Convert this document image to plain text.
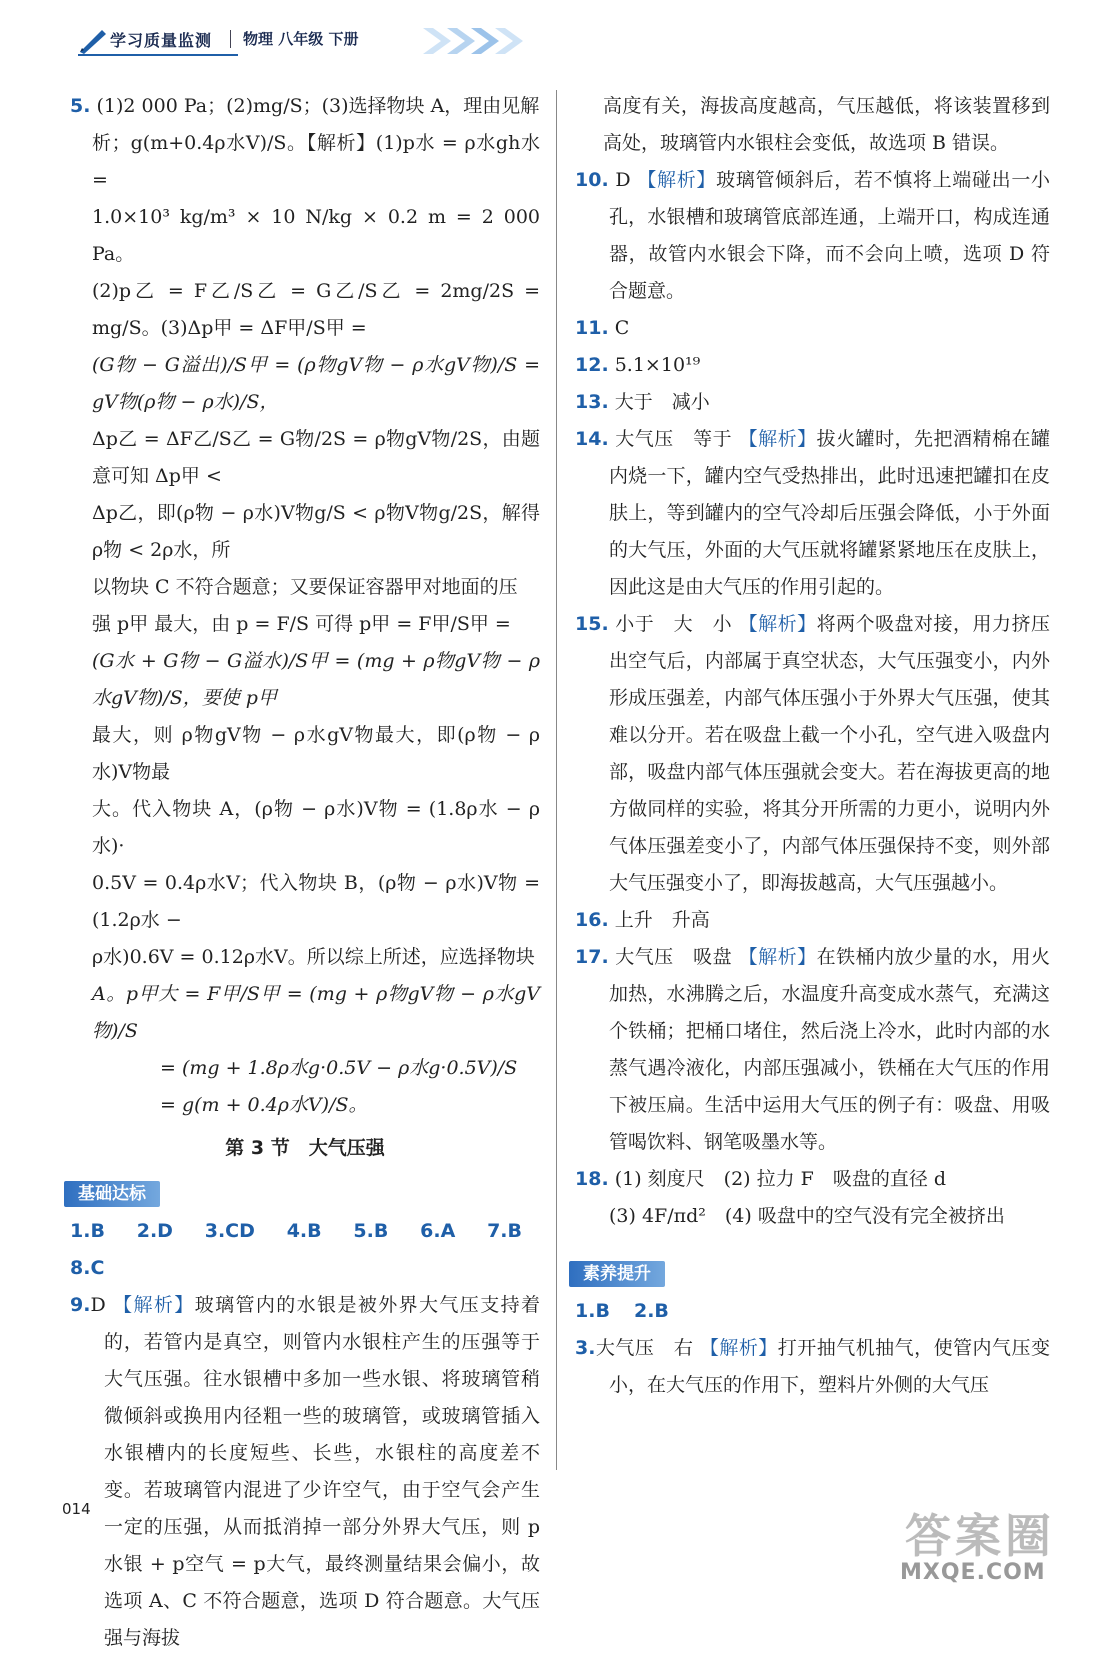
学习质量监测 物理 八年级 下册

5. (1)2 000 Pa；(2)mg/S；(3)选择物块 A，理由见解

析；g(m+0.4ρ水V)/S。【解析】(1)p水 = ρ水gh水 =

1.0×10³ kg/m³ × 10 N/kg × 0.2 m = 2 000 Pa。

(2)p乙 = F乙/S乙 = G乙/S乙 = 2mg/2S = mg/S。(3)Δp甲 = ΔF甲/S甲 =

(G物 − G溢出)/S甲 = (ρ物gV物 − ρ水gV物)/S = gV物(ρ物 − ρ水)/S，

Δp乙 = ΔF乙/S乙 = G物/2S = ρ物gV物/2S，由题意可知 Δp甲 <

Δp乙，即(ρ物 − ρ水)V物g/S < ρ物V物g/2S，解得 ρ物 < 2ρ水，所

以物块 C 不符合题意；又要保证容器甲对地面的压

强 p甲 最大，由 p = F/S 可得 p甲 = F甲/S甲 =

(G水 + G物 − G溢水)/S甲 = (mg + ρ物gV物 − ρ水gV物)/S，要使 p甲

最大，则 ρ物gV物 − ρ水gV物最大，即(ρ物 − ρ水)V物最

大。代入物块 A，(ρ物 − ρ水)V物 = (1.8ρ水 − ρ水)·

0.5V = 0.4ρ水V；代入物块 B，(ρ物 − ρ水)V物 = (1.2ρ水 −

ρ水)0.6V = 0.12ρ水V。所以综上所述，应选择物块

A。p甲大 = F甲/S甲 = (mg + ρ物gV物 − ρ水gV物)/S

= (mg + 1.8ρ水g·0.5V − ρ水g·0.5V)/S

= g(m + 0.4ρ水V)/S。

第 3 节　大气压强

基础达标

1.B 2.D 3.CD 4.B 5.B 6.A 7.B 8.C

9.D 【解析】玻璃管内的水银是被外界大气压支持着的，若管内是真空，则管内水银柱产生的压强等于大气压强。往水银槽中多加一些水银、将玻璃管稍微倾斜或换用内径粗一些的玻璃管，或玻璃管插入水银槽内的长度短些、长些，水银柱的高度差不变。若玻璃管内混进了少许空气，由于空气会产生一定的压强，从而抵消掉一部分外界大气压，则 p水银 + p空气 = p大气，最终测量结果会偏小，故选项 A、C 不符合题意，选项 D 符合题意。大气压强与海拔

高度有关，海拔高度越高，气压越低，将该装置移到高处，玻璃管内水银柱会变低，故选项 B 错误。

10. D 【解析】玻璃管倾斜后，若不慎将上端碰出一小孔，水银槽和玻璃管底部连通，上端开口，构成连通器，故管内水银会下降，而不会向上喷，选项 D 符合题意。

11. C

12. 5.1×10¹⁹

13. 大于　减小

14. 大气压　等于 【解析】拔火罐时，先把酒精棉在罐内烧一下，罐内空气受热排出，此时迅速把罐扣在皮肤上，等到罐内的空气冷却后压强会降低，小于外面的大气压，外面的大气压就将罐紧紧地压在皮肤上，因此这是由大气压的作用引起的。

15. 小于　大　小 【解析】将两个吸盘对接，用力挤压出空气后，内部属于真空状态，大气压强变小，内外形成压强差，内部气体压强小于外界大气压强，使其难以分开。若在吸盘上截一个小孔，空气进入吸盘内部，吸盘内部气体压强就会变大。若在海拔更高的地方做同样的实验，将其分开所需的力更小，说明内外气体压强差变小了，内部气体压强保持不变，则外部大气压强变小了，即海拔越高，大气压强越小。

16. 上升　升高

17. 大气压　吸盘 【解析】在铁桶内放少量的水，用火加热，水沸腾之后，水温度升高变成水蒸气，充满这个铁桶；把桶口堵住，然后浇上冷水，此时内部的水蒸气遇冷液化，内部压强减小，铁桶在大气压的作用下被压扁。生活中运用大气压的例子有：吸盘、用吸管喝饮料、钢笔吸墨水等。

18. (1) 刻度尺　(2) 拉力 F　吸盘的直径 d

(3) 4F/πd²　(4) 吸盘中的空气没有完全被挤出

素养提升

1.B 2.B

3.大气压　右 【解析】打开抽气机抽气，使管内气压变小，在大气压的作用下，塑料片外侧的大气压

014	答案圈
MXQE.COM
